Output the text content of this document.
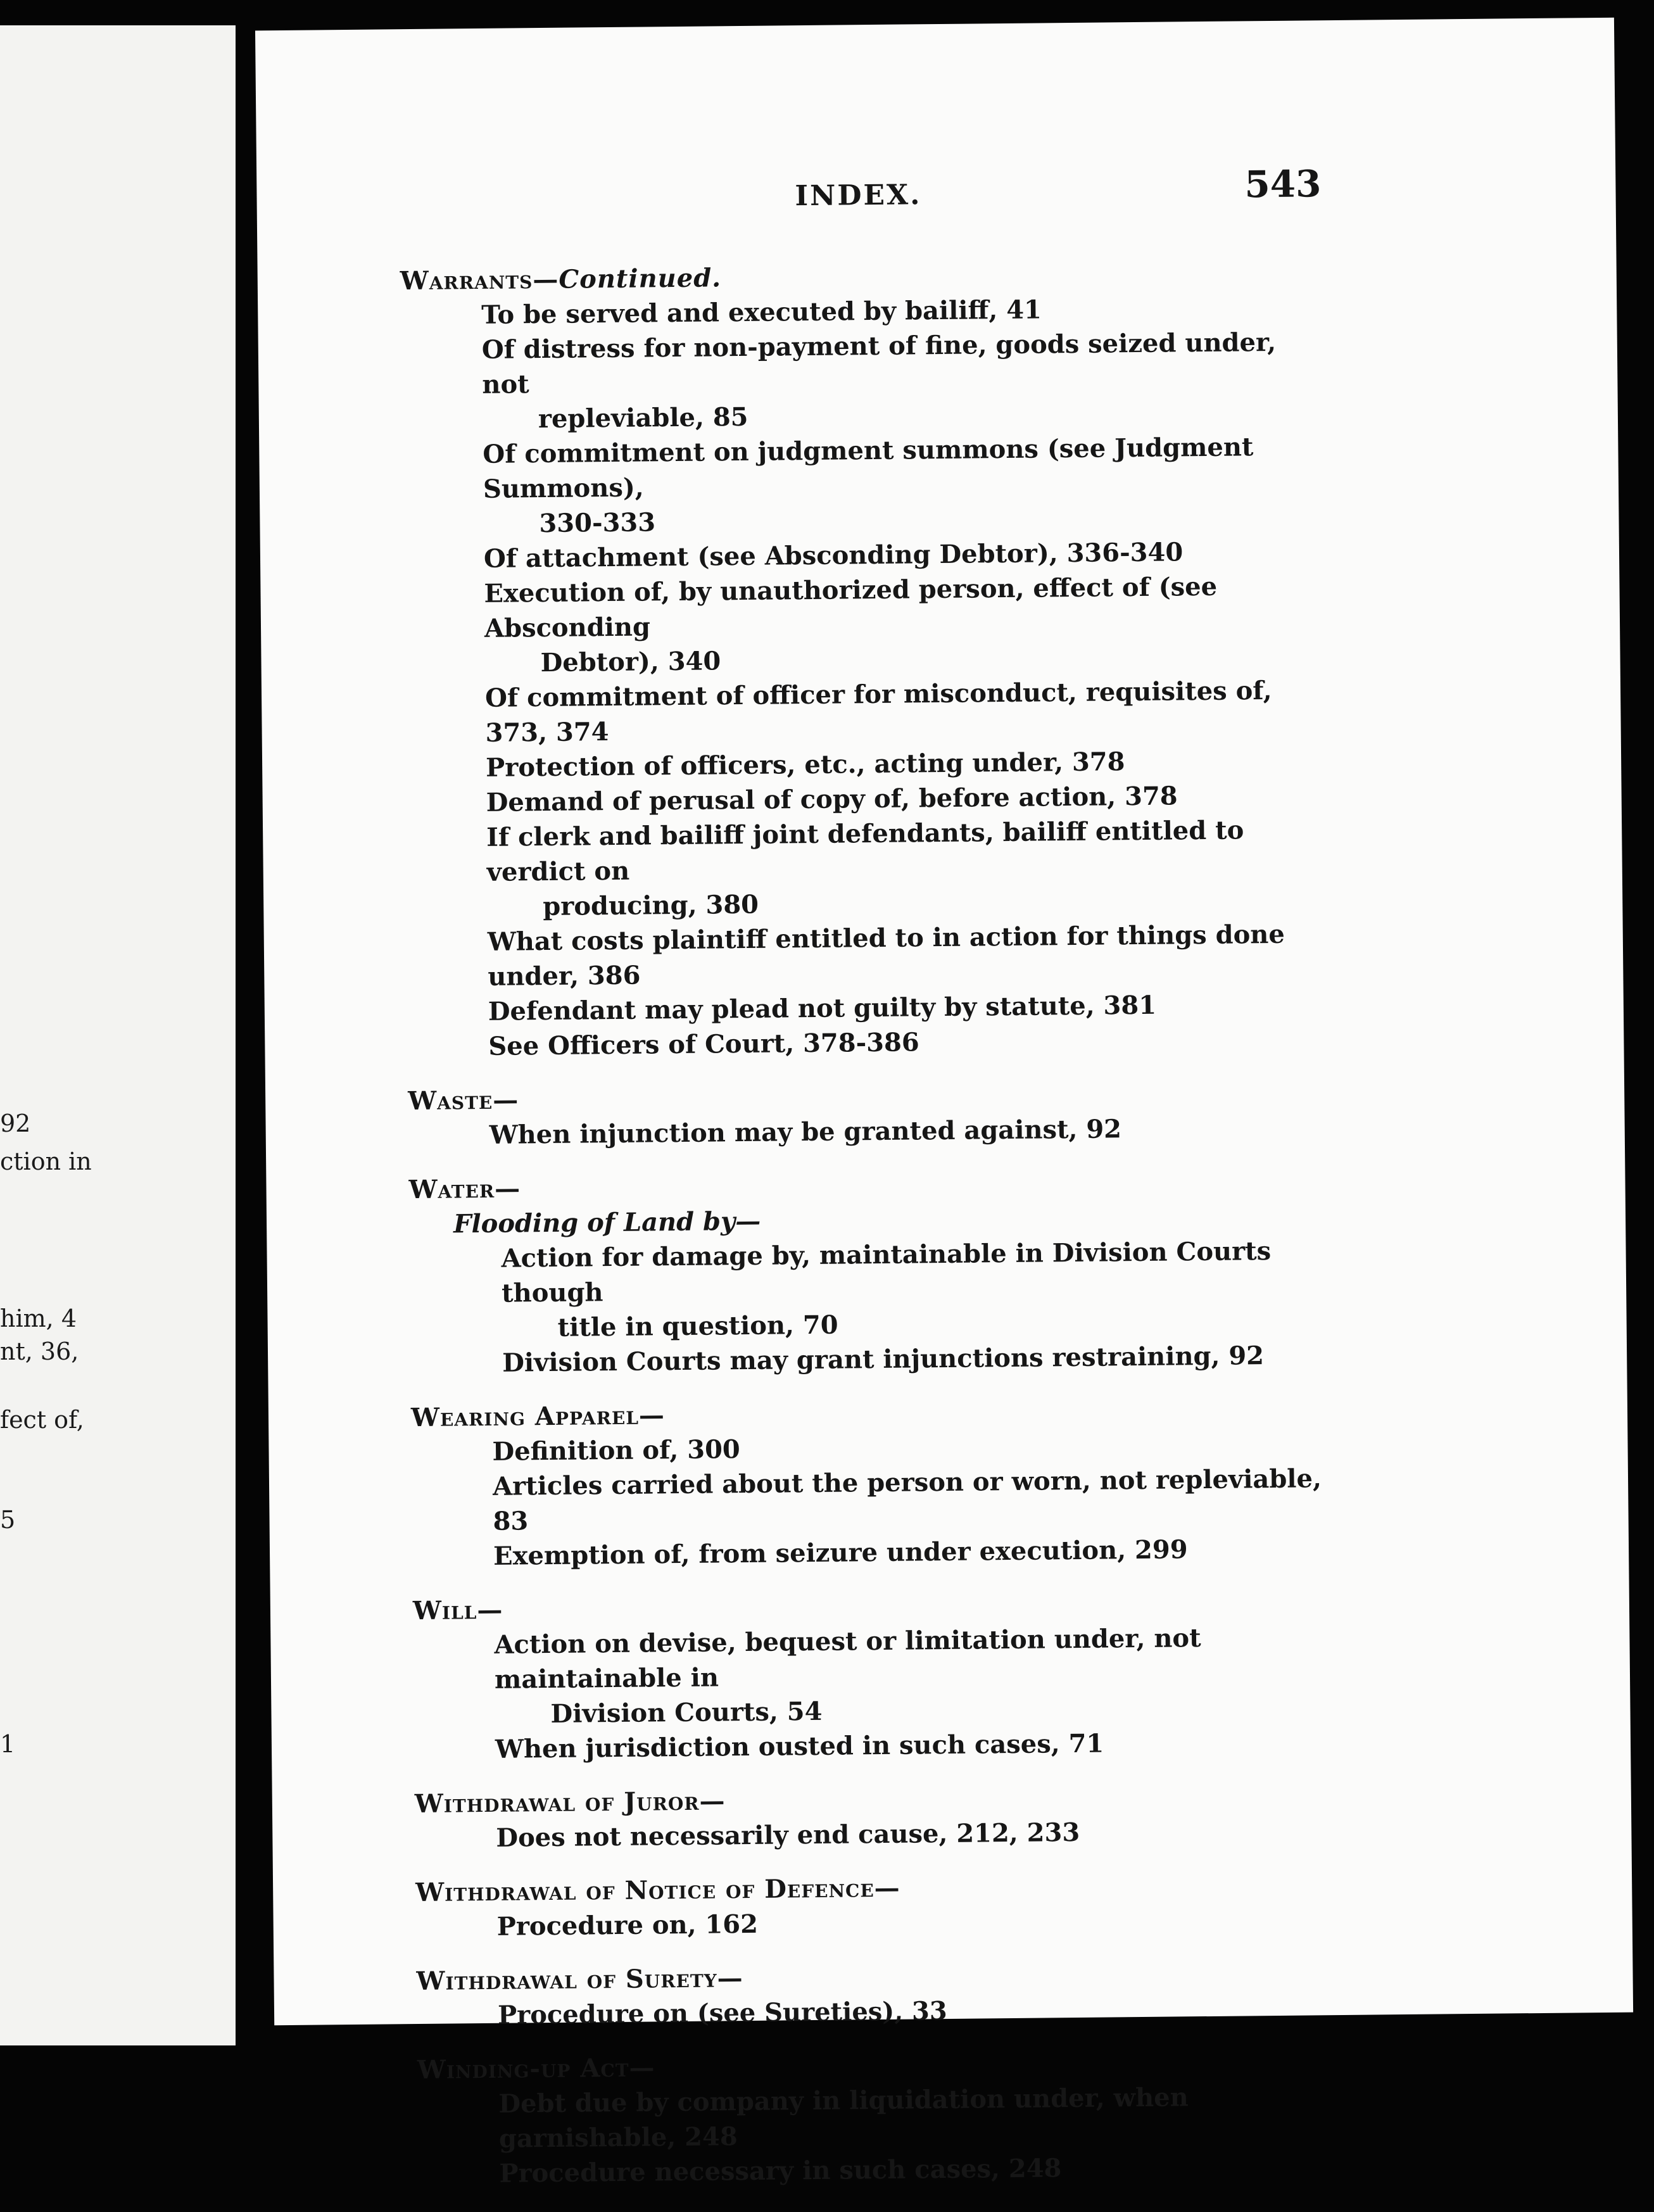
92
ction in
him, 4
nt, 36,
fect of,
5
1
INDEX.	543
Warrants—Continued.
To be served and executed by bailiff, 41
Of distress for non-payment of fine, goods seized under, not
repleviable, 85
Of commitment on judgment summons (see Judgment Summons),
330-333
Of attachment (see Absconding Debtor), 336-340
Execution of, by unauthorized person, effect of (see Absconding
Debtor), 340
Of commitment of officer for misconduct, requisites of, 373, 374
Protection of officers, etc., acting under, 378
Demand of perusal of copy of, before action, 378
If clerk and bailiff joint defendants, bailiff entitled to verdict on
producing, 380
What costs plaintiff entitled to in action for things done under, 386
Defendant may plead not guilty by statute, 381
See Officers of Court, 378-386
Waste—
When injunction may be granted against, 92
Water—
Flooding of Land by—
Action for damage by, maintainable in Division Courts though
title in question, 70
Division Courts may grant injunctions restraining, 92
Wearing Apparel—
Definition of, 300
Articles carried about the person or worn, not repleviable, 83
Exemption of, from seizure under execution, 299
Will—
Action on devise, bequest or limitation under, not maintainable in
Division Courts, 54
When jurisdiction ousted in such cases, 71
Withdrawal of Juror—
Does not necessarily end cause, 212, 233
Withdrawal of Notice of Defence—
Procedure on, 162
Withdrawal of Surety—
Procedure on (see Sureties), 33
Winding-up Act—
Debt due by company in liquidation under, when garnishable, 248
Procedure necessary in such cases, 248
